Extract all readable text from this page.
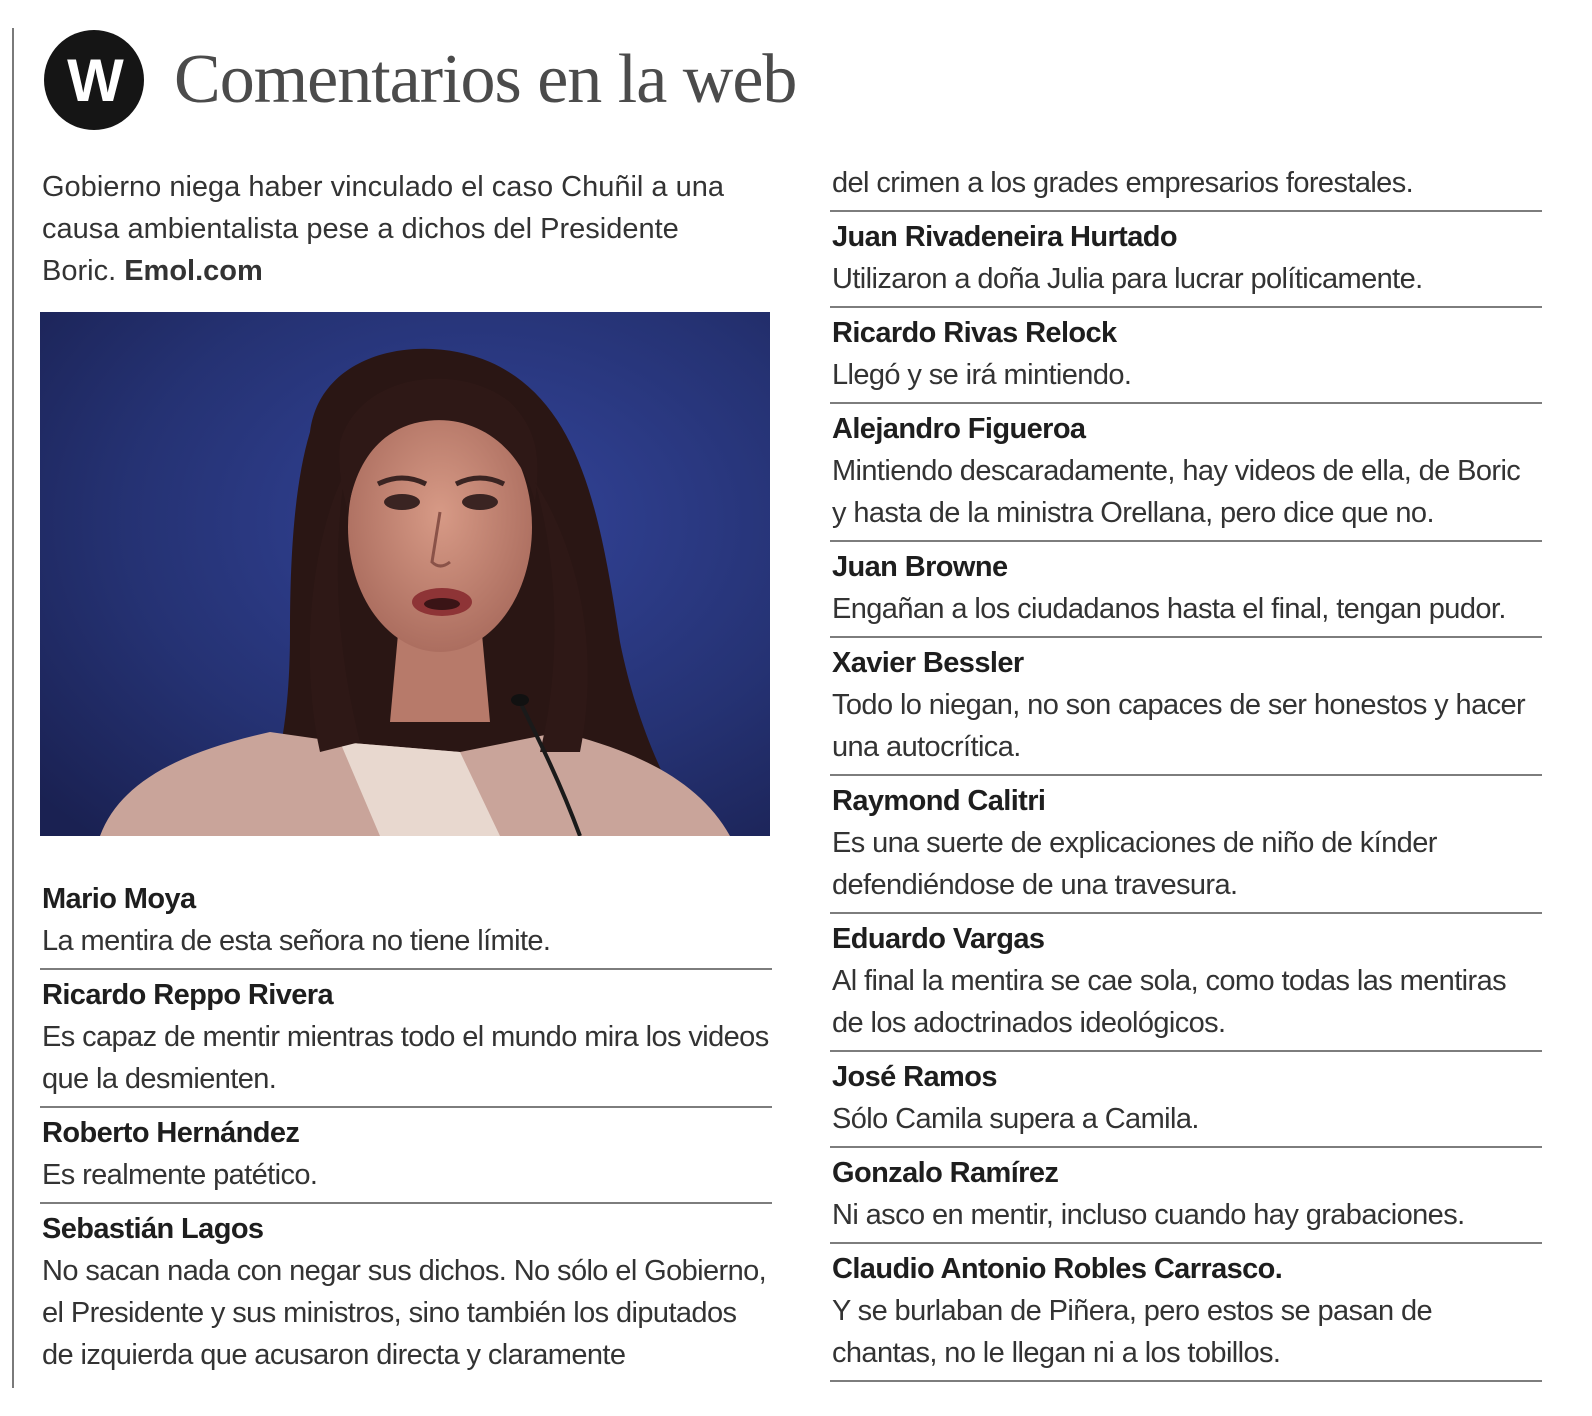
W Comentarios en la web
Gobierno niega haber vinculado el caso Chuñil a una causa ambientalista pese a dichos del Presidente Boric. Emol.com
Mario Moya
La mentira de esta señora no tiene límite.
Ricardo Reppo Rivera
Es capaz de mentir mientras todo el mundo mira los videos que la desmienten.
Roberto Hernández
Es realmente patético.
Sebastián Lagos
No sacan nada con negar sus dichos. No sólo el Gobierno, el Presidente y sus ministros, sino también los diputados de izquierda que acusaron directa y claramente
del crimen a los grades empresarios forestales.
Juan Rivadeneira Hurtado
Utilizaron a doña Julia para lucrar políticamente.
Ricardo Rivas Relock
Llegó y se irá mintiendo.
Alejandro Figueroa
Mintiendo descaradamente, hay videos de ella, de Boric y hasta de la ministra Orellana, pero dice que no.
Juan Browne
Engañan a los ciudadanos hasta el final, tengan pudor.
Xavier Bessler
Todo lo niegan, no son capaces de ser honestos y hacer una autocrítica.
Raymond Calitri
Es una suerte de explicaciones de niño de kínder defendiéndose de una travesura.
Eduardo Vargas
Al final la mentira se cae sola, como todas las mentiras de los adoctrinados ideológicos.
José Ramos
Sólo Camila supera a Camila.
Gonzalo Ramírez
Ni asco en mentir, incluso cuando hay grabaciones.
Claudio Antonio Robles Carrasco.
Y se burlaban de Piñera, pero estos se pasan de chantas, no le llegan ni a los tobillos.
